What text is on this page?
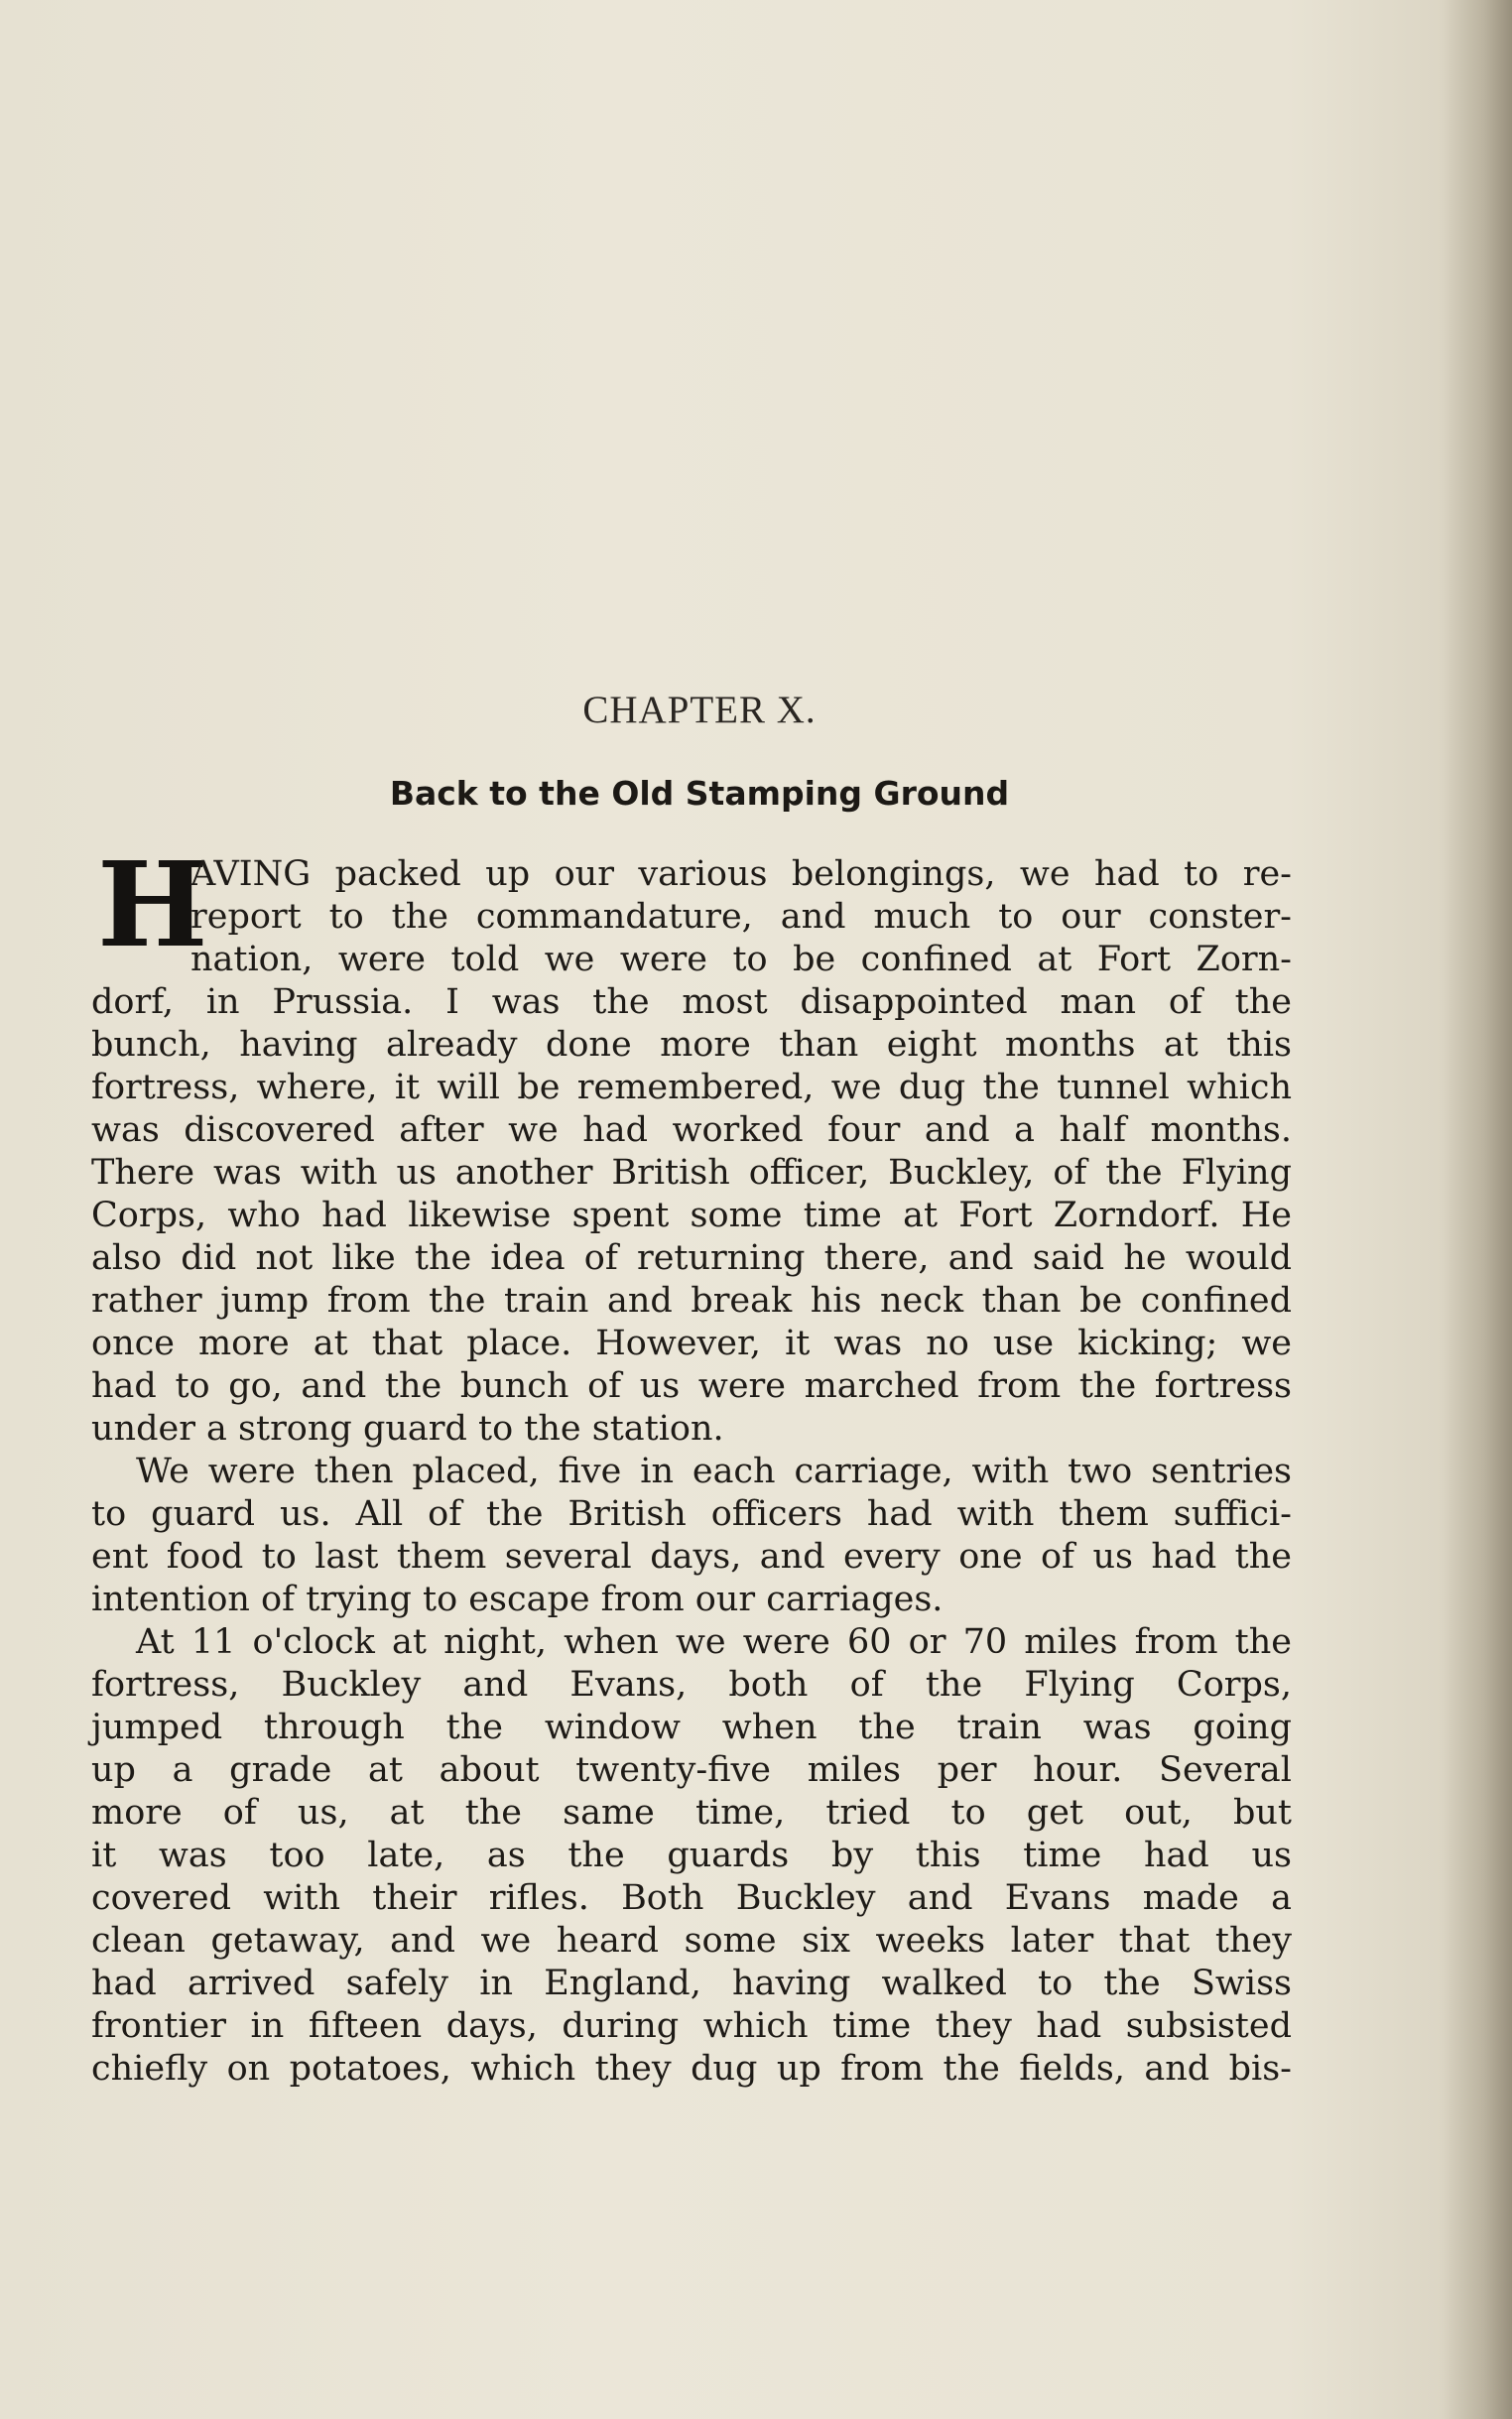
CHAPTER X.
Back to the Old Stamping Ground
H
AVING packed up our various belongings, we had to re-
report to the commandature, and much to our conster-
nation, were told we were to be confined at Fort Zorn-
dorf, in Prussia. I was the most disappointed man of the
bunch, having already done more than eight months at this
fortress, where, it will be remembered, we dug the tunnel which
was discovered after we had worked four and a half months.
There was with us another British officer, Buckley, of the Flying
Corps, who had likewise spent some time at Fort Zorndorf. He
also did not like the idea of returning there, and said he would
rather jump from the train and break his neck than be confined
once more at that place. However, it was no use kicking; we
had to go, and the bunch of us were marched from the fortress
under a strong guard to the station.
We were then placed, five in each carriage, with two sentries
to guard us. All of the British officers had with them suffici-
ent food to last them several days, and every one of us had the
intention of trying to escape from our carriages.
At 11 o'clock at night, when we were 60 or 70 miles from the
fortress, Buckley and Evans, both of the Flying Corps,
jumped through the window when the train was going
up a grade at about twenty-five miles per hour. Several
more of us, at the same time, tried to get out, but
it was too late, as the guards by this time had us
covered with their rifles. Both Buckley and Evans made a
clean getaway, and we heard some six weeks later that they
had arrived safely in England, having walked to the Swiss
frontier in fifteen days, during which time they had subsisted
chiefly on potatoes, which they dug up from the fields, and bis-
